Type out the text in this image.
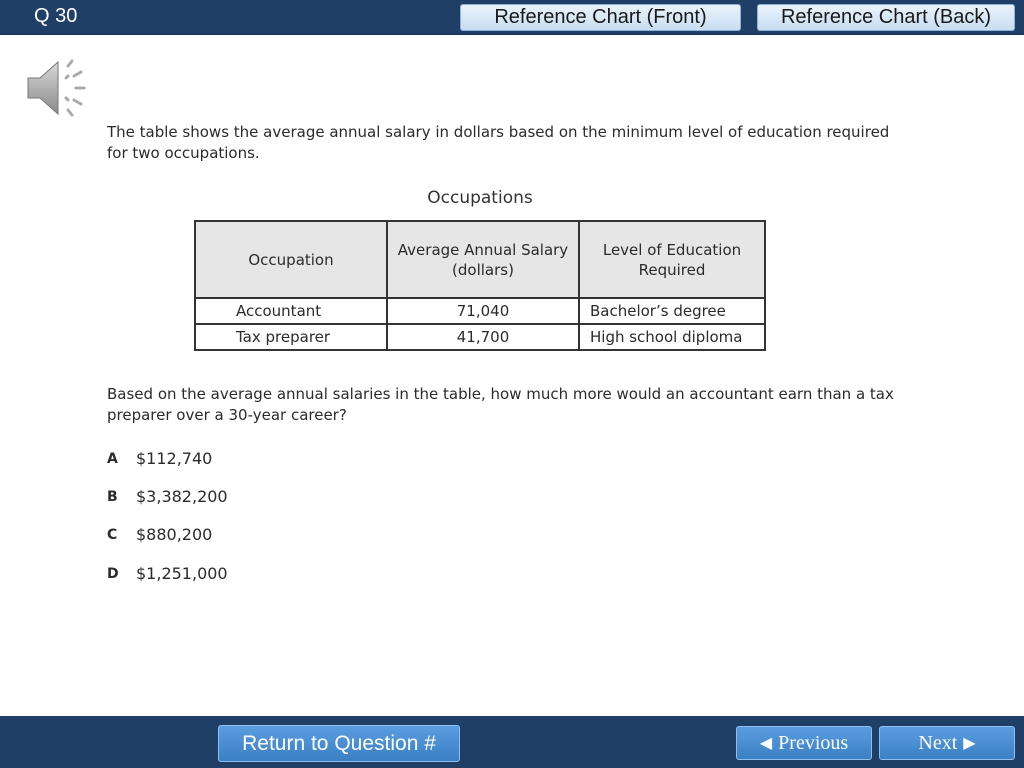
Q 30	Reference Chart (Front)	Reference Chart (Back)

The table shows the average annual salary in dollars based on the minimum level of education required for two occupations.

Occupations
Occupation	Average Annual Salary (dollars)	Level of Education Required
Accountant	71,040	Bachelor’s degree
Tax preparer	41,700	High school diploma

Based on the average annual salaries in the table, how much more would an accountant earn than a tax preparer over a 30-year career?

A	$112,740
B	$3,382,200
C	$880,200
D	$1,251,000
Return to Question #	◀ Previous	Next ▶
